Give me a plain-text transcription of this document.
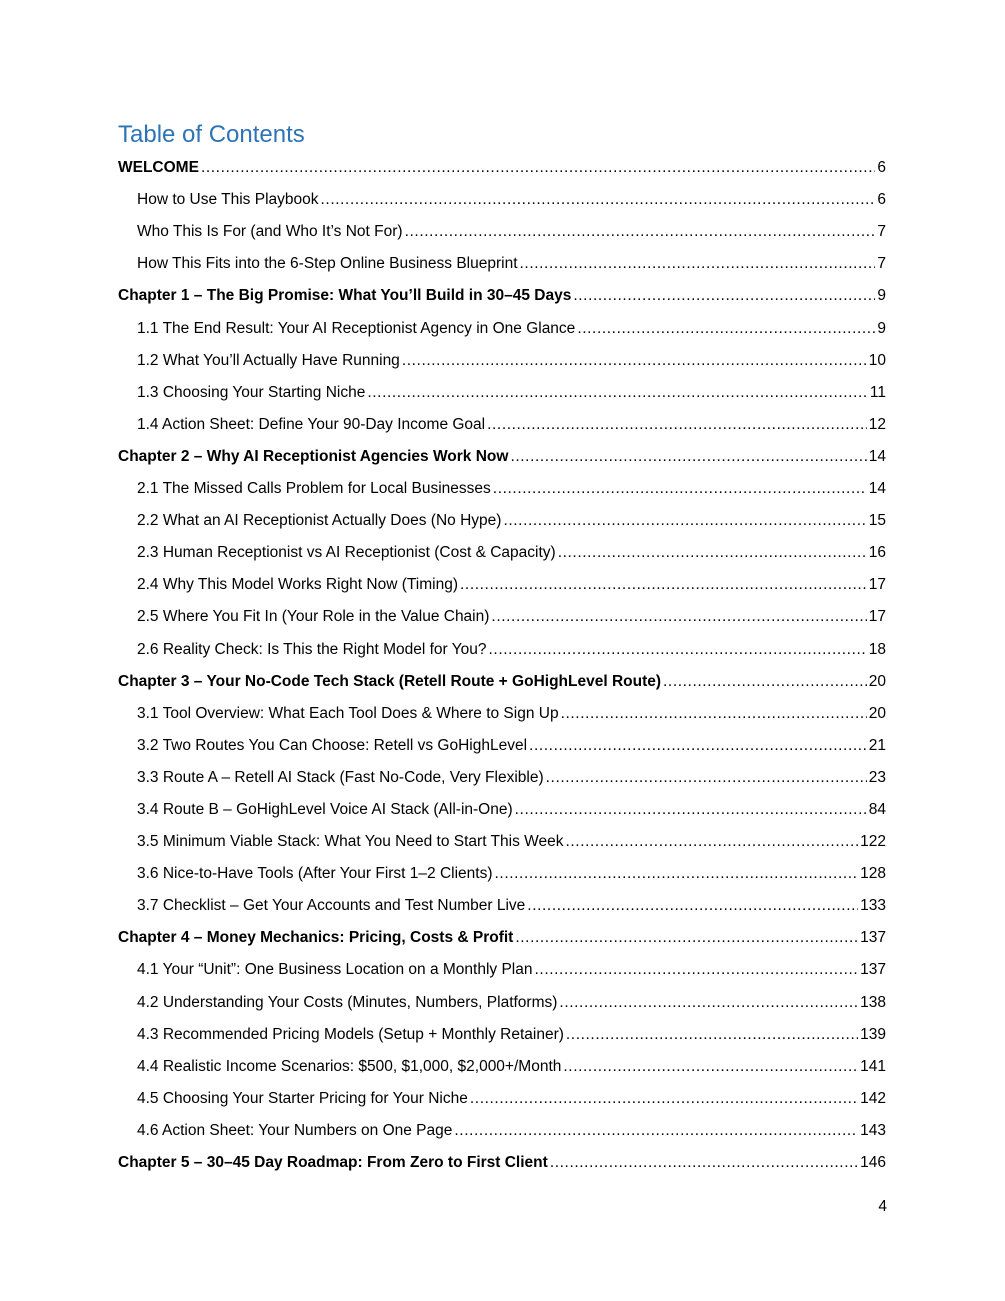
Table of Contents
WELCOME .....	6
How to Use This Playbook .....	6
Who This Is For (and Who It’s Not For) .....	7
How This Fits into the 6-Step Online Business Blueprint .....	7
Chapter 1 – The Big Promise: What You’ll Build in 30–45 Days .....	9
1.1 The End Result: Your AI Receptionist Agency in One Glance .....	9
1.2 What You’ll Actually Have Running .....	10
1.3 Choosing Your Starting Niche .....	11
1.4 Action Sheet: Define Your 90-Day Income Goal .....	12
Chapter 2 – Why AI Receptionist Agencies Work Now .....	14
2.1 The Missed Calls Problem for Local Businesses .....	14
2.2 What an AI Receptionist Actually Does (No Hype) .....	15
2.3 Human Receptionist vs AI Receptionist (Cost & Capacity) .....	16
2.4 Why This Model Works Right Now (Timing) .....	17
2.5 Where You Fit In (Your Role in the Value Chain) .....	17
2.6 Reality Check: Is This the Right Model for You? .....	18
Chapter 3 – Your No-Code Tech Stack (Retell Route + GoHighLevel Route) .....	20
3.1 Tool Overview: What Each Tool Does & Where to Sign Up .....	20
3.2 Two Routes You Can Choose: Retell vs GoHighLevel .....	21
3.3 Route A – Retell AI Stack (Fast No-Code, Very Flexible) .....	23
3.4 Route B – GoHighLevel Voice AI Stack (All-in-One) .....	84
3.5 Minimum Viable Stack: What You Need to Start This Week .....	122
3.6 Nice-to-Have Tools (After Your First 1–2 Clients) .....	128
3.7 Checklist – Get Your Accounts and Test Number Live .....	133
Chapter 4 – Money Mechanics: Pricing, Costs & Profit .....	137
4.1 Your “Unit”: One Business Location on a Monthly Plan .....	137
4.2 Understanding Your Costs (Minutes, Numbers, Platforms) .....	138
4.3 Recommended Pricing Models (Setup + Monthly Retainer) .....	139
4.4 Realistic Income Scenarios: $500, $1,000, $2,000+/Month .....	141
4.5 Choosing Your Starter Pricing for Your Niche .....	142
4.6 Action Sheet: Your Numbers on One Page .....	143
Chapter 5 – 30–45 Day Roadmap: From Zero to First Client .....	146
4
